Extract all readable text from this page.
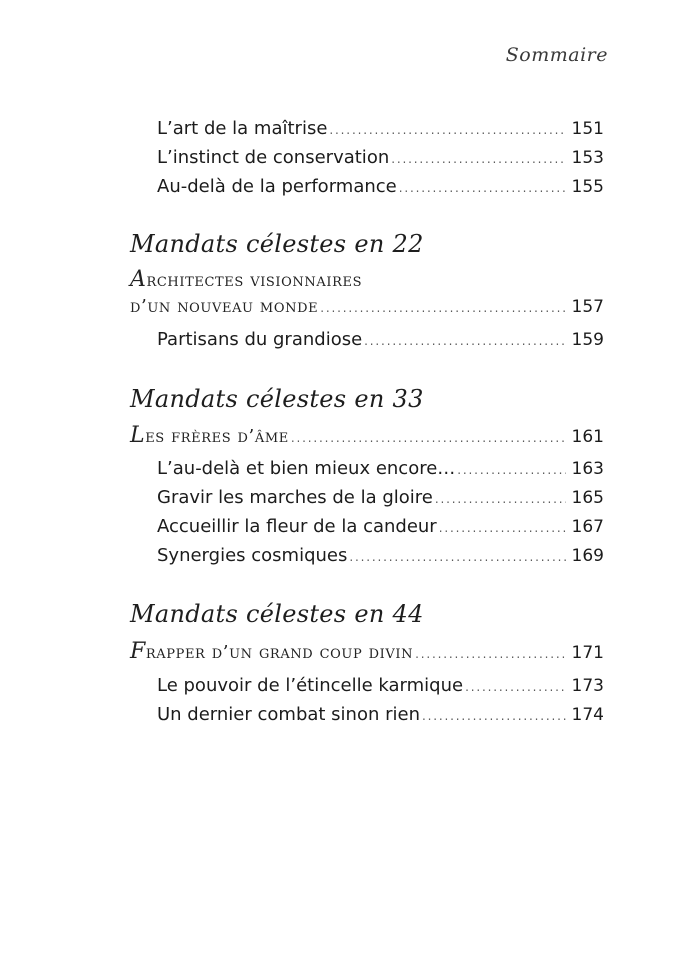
Sommaire
L’art de la maîtrise . . .	151
L’instinct de conservation . . .	153
Au-delà de la performance . . .	155
Mandats célestes en 22
Architectes visionnaires
d’un nouveau monde . . .	157
Partisans du grandiose . . .	159
Mandats célestes en 33
Les frères d’âme . . .	161
L’au-delà et bien mieux encore… . . .	163
Gravir les marches de la gloire . . .	165
Accueillir la fleur de la candeur . . .	167
Synergies cosmiques . . .	169
Mandats célestes en 44
Frapper d’un grand coup divin . . .	171
Le pouvoir de l’étincelle karmique . . .	173
Un dernier combat sinon rien . . .	174
